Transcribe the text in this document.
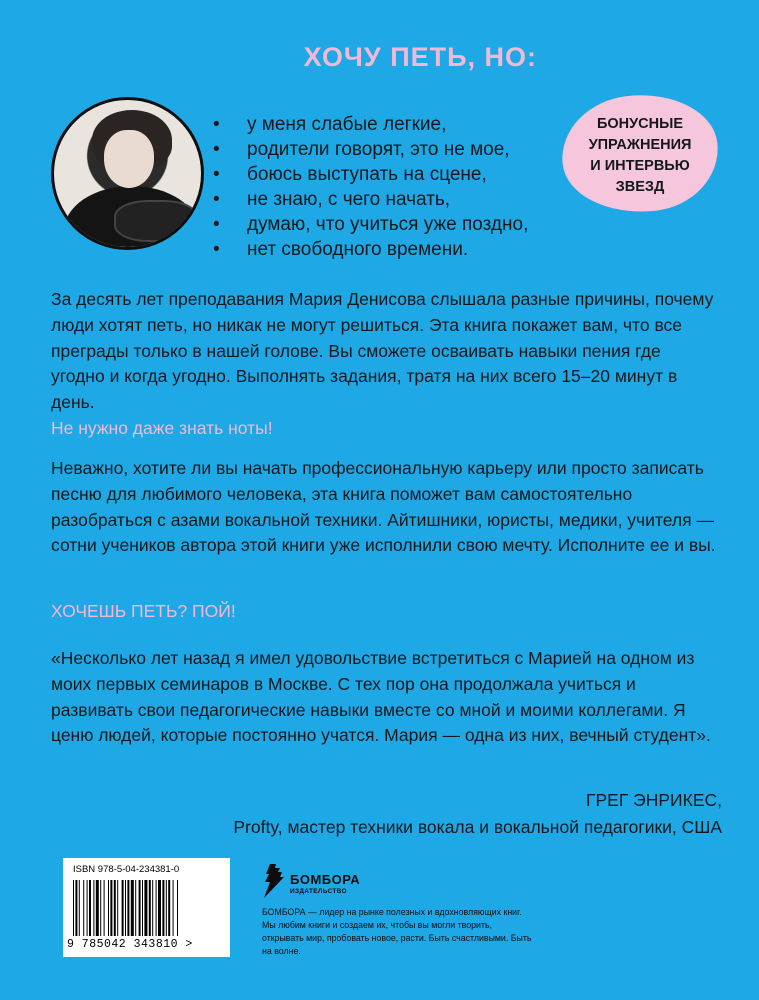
ХОЧУ ПЕТЬ, НО:
• у меня слабые легкие,
• родители говорят, это не мое,
• боюсь выступать на сцене,
• не знаю, с чего начать,
• думаю, что учиться уже поздно,
• нет свободного времени.
БОНУСНЫЕ
УПРАЖНЕНИЯ
И ИНТЕРВЬЮ
ЗВЕЗД

За десять лет преподавания Мария Денисова слышала разные причины, почему люди хотят петь, но никак не могут решиться. Эта книга покажет вам, что все преграды только в нашей голове. Вы сможете осваивать навыки пения где угодно и когда угодно. Выполнять задания, тратя на них всего 15–20 минут в день.
Не нужно даже знать ноты!

Неважно, хотите ли вы начать профессиональную карьеру или просто записать песню для любимого человека, эта книга поможет вам самостоятельно разобраться с азами вокальной техники. Айтишники, юристы, медики, учителя — сотни учеников автора этой книги уже исполнили свою мечту. Исполните ее и вы.

ХОЧЕШЬ ПЕТЬ? ПОЙ!

«Несколько лет назад я имел удовольствие встретиться с Марией на одном из моих первых семинаров в Москве. С тех пор она продолжала учиться и развивать свои педагогические навыки вместе со мной и моими коллегами. Я ценю людей, которые постоянно учатся. Мария — одна из них, вечный студент».

ГРЕГ ЭНРИКЕС,
Profty, мастер техники вокала и вокальной педагогики, США
ISBN 978-5-04-234381-0
9 785042 343810 >
БОМБОРА
ИЗДАТЕЛЬСТВО
БОМБОРА — лидер на рынке полезных и вдохновляющих книг. Мы любим книги и создаем их, чтобы вы могли творить, открывать мир, пробовать новое, расти. Быть счастливыми. Быть на волне.
